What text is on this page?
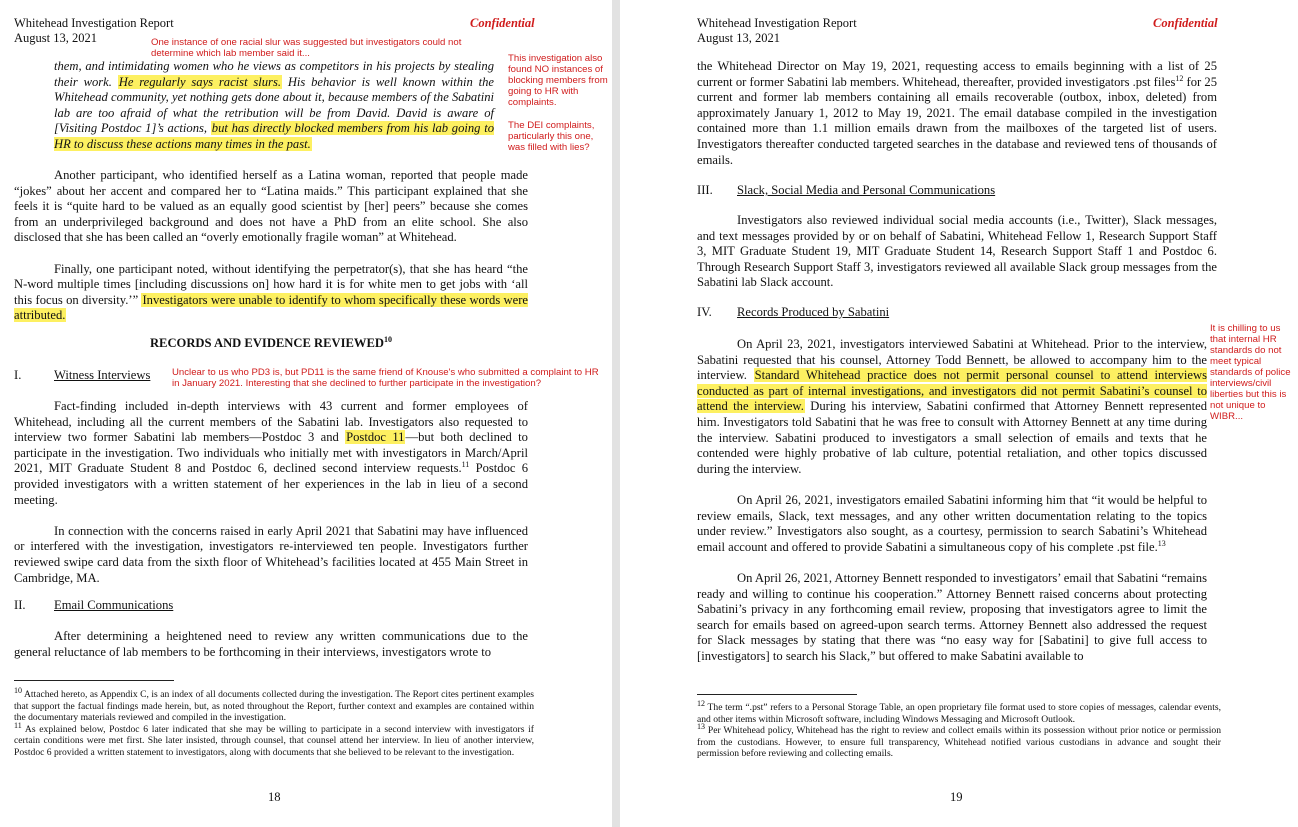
Whitehead Investigation Report
August 13, 2021
Confidential
One instance of one racial slur was suggested but investigators could not determine which lab member said it...	This investigation also found NO instances of blocking members from going to HR with complaints.
The DEI complaints, particularly this one, was filled with lies?
them, and intimidating women who he views as competitors in his projects by stealing their work. He regularly says racist slurs. His behavior is well known within the Whitehead community, yet nothing gets done about it, because members of the Sabatini lab are too afraid of what the retribution will be from David. David is aware of [Visiting Postdoc 1]’s actions, but has directly blocked members from his lab going to HR to discuss these actions many times in the past.

Another participant, who identified herself as a Latina woman, reported that people made “jokes” about her accent and compared her to “Latina maids.” This participant explained that she feels it is “quite hard to be valued as an equally good scientist by [her] peers” because she comes from an underprivileged background and does not have a PhD from an elite school. She also disclosed that she has been called an “overly emotionally fragile woman” at Whitehead.

Finally, one participant noted, without identifying the perpetrator(s), that she has heard “the N-word multiple times [including discussions on] how hard it is for white men to get jobs with ‘all this focus on diversity.’” Investigators were unable to identify to whom specifically these words were attributed.

RECORDS AND EVIDENCE REVIEWED$^{10}$
I.	Witness Interviews Unclear to us who PD3 is, but PD11 is the same friend of Knouse's who submitted a complaint to HR in January 2021. Interesting that she declined to further participate in the investigation?

Fact-finding included in-depth interviews with 43 current and former employees of Whitehead, including all the current members of the Sabatini lab. Investigators also requested to interview two former Sabatini lab members—Postdoc 3 and Postdoc 11—but both declined to participate in the investigation. Two individuals who initially met with investigators in March/April 2021, MIT Graduate Student 8 and Postdoc 6, declined second interview requests.$^{11}$ Postdoc 6 provided investigators with a written statement of her experiences in the lab in lieu of a second meeting.

In connection with the concerns raised in early April 2021 that Sabatini may have influenced or interfered with the investigation, investigators re-interviewed ten people. Investigators further reviewed swipe card data from the sixth floor of Whitehead’s facilities located at 455 Main Street in Cambridge, MA.

II. Email Communications

After determining a heightened need to review any written communications due to the general reluctance of lab members to be forthcoming in their interviews, investigators wrote to

$^{10}$ Attached hereto, as Appendix C, is an index of all documents collected during the investigation. The Report cites pertinent examples that support the factual findings made herein, but, as noted throughout the Report, further context and examples are contained within the documentary materials reviewed and compiled in the investigation.

$^{11}$ As explained below, Postdoc 6 later indicated that she may be willing to participate in a second interview with investigators if certain conditions were met first. She later insisted, through counsel, that counsel attend her interview. In lieu of another interview, Postdoc 6 provided a written statement to investigators, along with documents that she believed to be relevant to the investigation.

18
Whitehead Investigation Report
August 13, 2021
Confidential

the Whitehead Director on May 19, 2021, requesting access to emails beginning with a list of 25 current or former Sabatini lab members. Whitehead, thereafter, provided investigators .pst files$^{12}$ for 25 current and former lab members containing all emails recoverable (outbox, inbox, deleted) from approximately January 1, 2012 to May 19, 2021. The email database compiled in the investigation contained more than 1.1 million emails drawn from the mailboxes of the targeted list of users. Investigators thereafter conducted targeted searches in the database and reviewed tens of thousands of emails.

III. Slack, Social Media and Personal Communications

Investigators also reviewed individual social media accounts (i.e., Twitter), Slack messages, and text messages provided by or on behalf of Sabatini, Whitehead Fellow 1, Research Support Staff 3, MIT Graduate Student 19, MIT Graduate Student 14, Research Support Staff 1 and Postdoc 6. Through Research Support Staff 3, investigators reviewed all available Slack group messages from the Sabatini lab Slack account.

IV. Records Produced by Sabatini
It is chilling to us that internal HR standards do not meet typical standards of police interviews/civil liberties but this is not unique to WIBR...

On April 23, 2021, investigators interviewed Sabatini at Whitehead. Prior to the interview, Sabatini requested that his counsel, Attorney Todd Bennett, be allowed to accompany him to the interview. Standard Whitehead practice does not permit personal counsel to attend interviews conducted as part of internal investigations, and investigators did not permit Sabatini’s counsel to attend the interview. During his interview, Sabatini confirmed that Attorney Bennett represented him. Investigators told Sabatini that he was free to consult with Attorney Bennett at any time during the interview. Sabatini produced to investigators a small selection of emails and texts that he contended were highly probative of lab culture, potential retaliation, and other topics discussed during the interview.

On April 26, 2021, investigators emailed Sabatini informing him that “it would be helpful to review emails, Slack, text messages, and any other written documentation relating to the topics under review.” Investigators also sought, as a courtesy, permission to search Sabatini’s Whitehead email account and offered to provide Sabatini a simultaneous copy of his complete .pst file.$^{13}$

On April 26, 2021, Attorney Bennett responded to investigators’ email that Sabatini “remains ready and willing to continue his cooperation.” Attorney Bennett raised concerns about protecting Sabatini’s privacy in any forthcoming email review, proposing that investigators agree to limit the search for emails based on agreed-upon search terms. Attorney Bennett also addressed the request for Slack messages by stating that there was “no easy way for [Sabatini] to give full access to [investigators] to search his Slack,” but offered to make Sabatini available to

$^{12}$ The term “.pst” refers to a Personal Storage Table, an open proprietary file format used to store copies of messages, calendar events, and other items within Microsoft software, including Windows Messaging and Microsoft Outlook.

$^{13}$ Per Whitehead policy, Whitehead has the right to review and collect emails within its possession without prior notice or permission from the custodians. However, to ensure full transparency, Whitehead notified various custodians in advance and sought their permission before reviewing and collecting emails.

19
